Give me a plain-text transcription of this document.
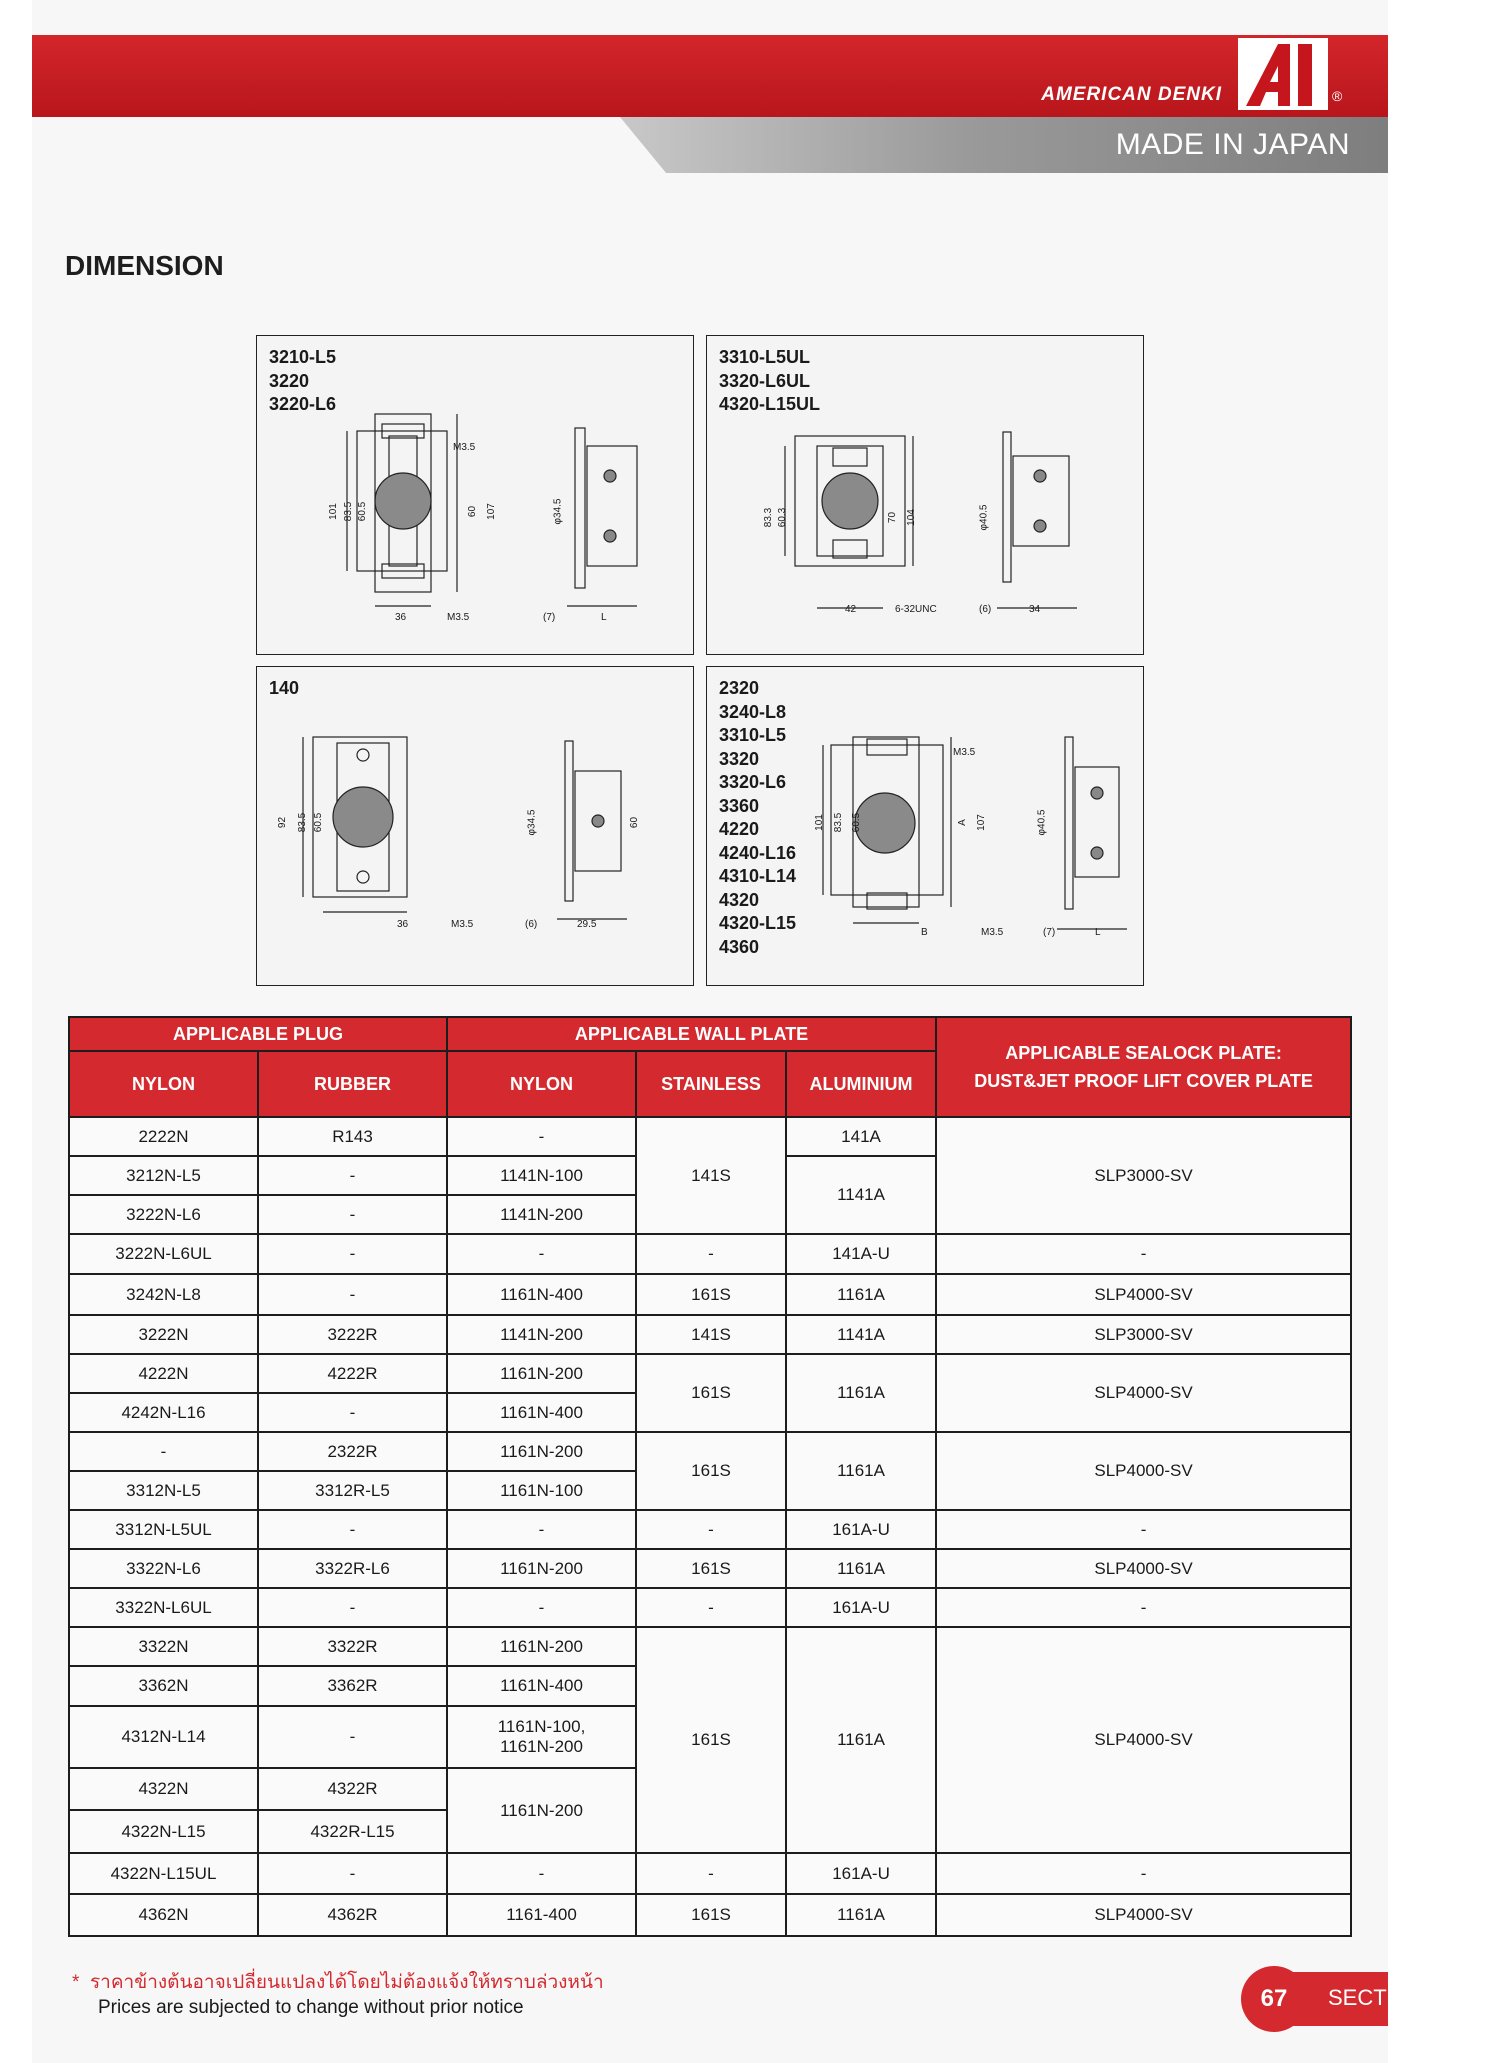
AMERICAN DENKI	®
MADE IN JAPAN
DIMENSION
3210-L5
3220
3220-L6
M3.5
101 83.5 60.5	60 107	φ34.5
36	M3.5	(7)	L
3310-L5UL
3320-L6UL
4320-L15UL
83.3 60.3	70 104	φ40.5
42	6-32UNC	(6)	34
140
92 83.5 60.5	φ34.5	60
36	M3.5	(6)	29.5
2320
3240-L8
3310-L5
3320
3320-L6
3360
4220
4240-L16
4310-L14
4320
4320-L15
4360
M3.5
101 83.5 60.5	A 107	φ40.5
B	M3.5	(7)	L
APPLICABLE PLUG		APPLICABLE WALL PLATE			APPLICABLE SEALOCK PLATE:
DUST&JET PROOF LIFT COVER PLATE
NYLON	RUBBER	NYLON	STAINLESS	ALUMINIUM	
2222N	R143	-	141S	141A	SLP3000-SV
3212N-L5	-	1141N-100		1141A	
3222N-L6	-	1141N-200			
3222N-L6UL	-	-	-	141A-U	-
3242N-L8	-	1161N-400	161S	1161A	SLP4000-SV
3222N	3222R	1141N-200	141S	1141A	SLP3000-SV
4222N	4222R	1161N-200	161S	1161A	SLP4000-SV
4242N-L16	-	1161N-400			
-	2322R	1161N-200	161S	1161A	SLP4000-SV
3312N-L5	3312R-L5	1161N-100			
3312N-L5UL	-	-	-	161A-U	-
3322N-L6	3322R-L6	1161N-200	161S	1161A	SLP4000-SV
3322N-L6UL	-	-	-	161A-U	-
3322N	3322R	1161N-200	161S	1161A	SLP4000-SV
3362N	3362R	1161N-400			
4312N-L14	-	1161N-100,
1161N-200			
4322N	4322R	1161N-200			
4322N-L15	4322R-L15				
4322N-L15UL	-	-	-	161A-U	-
4362N	4362R	1161-400	161S	1161A	SLP4000-SV
* ราคาข้างต้นอาจเปลี่ยนแปลงได้โดยไม่ต้องแจ้งให้ทราบล่วงหน้า
Prices are subjected to change without prior notice	SECT
67
